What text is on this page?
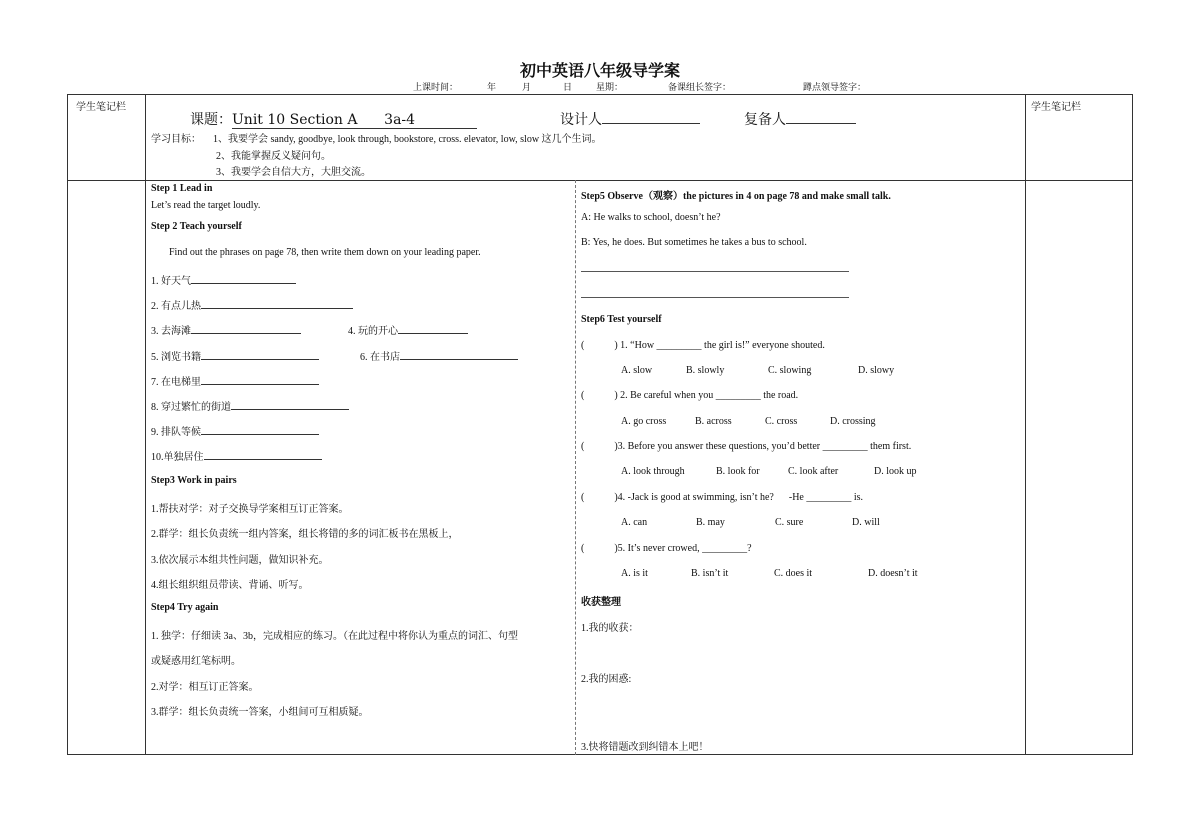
初中英语八年级导学案
上课时间：	年	月	日	星期：	备课组长签字：	蹲点领导签字：
学生笔记栏	学生笔记栏
课题：Unit 10 Section A      3a-4	设计人	复备人
学习目标： 1、我要学会 sandy, goodbye, look through, bookstore, cross. elevator, low, slow 这几个生词。
2、我能掌握反义疑问句。
3、我要学会自信大方，大胆交流。
Step 1 Lead in
Let’s read the target loudly.
Step 2 Teach yourself
Find out the phrases on page 78, then write them down on your leading paper.
1. 好天气
2. 有点儿热
3. 去海滩	4. 玩的开心
5. 浏览书籍	6. 在书店
7. 在电梯里
8. 穿过繁忙的街道
9. 排队等候
10.单独居住
Step3 Work in pairs
1.帮扶对学：对子交换导学案相互订正答案。
2.群学：组长负责统一组内答案，组长将错的多的词汇板书在黑板上，
3.依次展示本组共性问题，做知识补充。
4.组长组织组员带读、背诵、听写。
Step4 Try again
1. 独学：仔细读 3a、3b，完成相应的练习。（在此过程中将你认为重点的词汇、句型
或疑惑用红笔标明。
2.对学：相互订正答案。
3.群学：组长负责统一答案，小组间可互相质疑。
Step5 Observe（观察）the pictures in 4 on page 78 and make small talk.
A: He walks to school, doesn’t he?
B: Yes, he does. But sometimes he takes a bus to school.
Step6 Test yourself
(	) 1. “How _________ the girl is!” everyone shouted.
A. slow	B. slowly	C. slowing	D. slowy
(	) 2. Be careful when you _________ the road.
A. go cross	B. across	C. cross	D. crossing
(	)3. Before you answer these questions, you’d better _________ them first.
A. look through	B. look for	C. look after	D. look up
(	)4. -Jack is good at swimming, isn’t he?      -He _________ is.
A. can	B. may	C. sure	D. will
(	)5. It’s never crowed, _________?
A. is it	B. isn’t it	C. does it	D. doesn’t it
收获整理
1.我的收获：
2.我的困惑:
3.快将错题改到纠错本上吧！
